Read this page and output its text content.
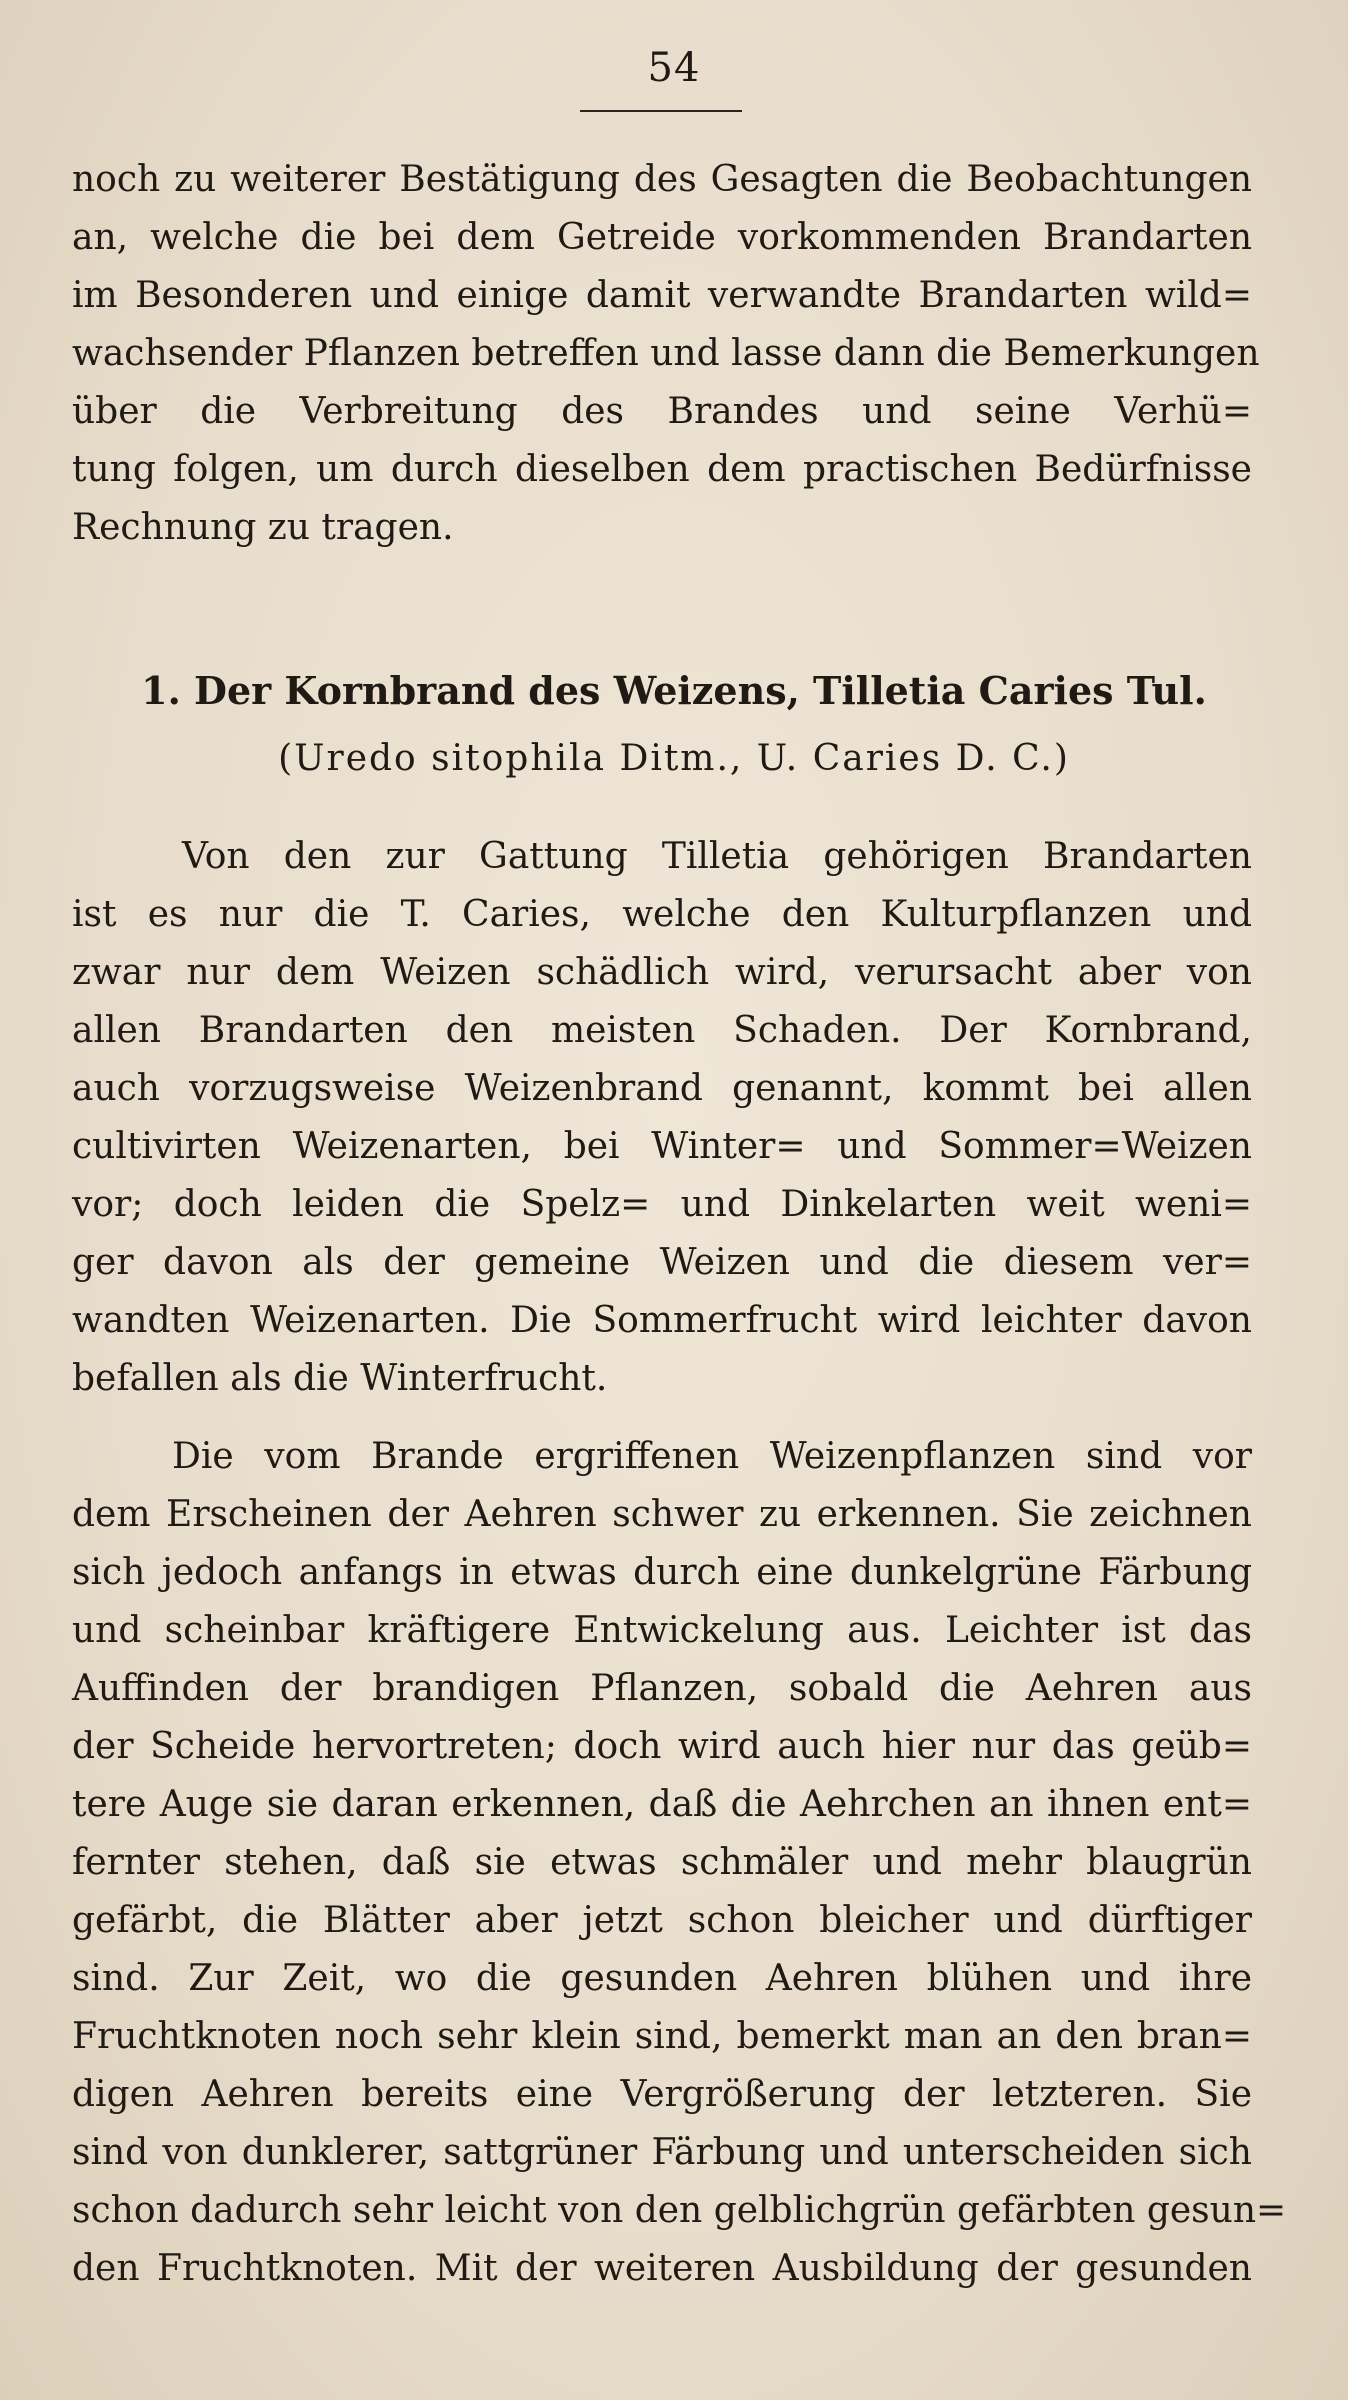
54
noch zu weiterer Bestätigung des Gesagten die Beobachtungen
an, welche die bei dem Getreide vorkommenden Brandarten
im Besonderen und einige damit verwandte Brandarten wild=
wachsender Pflanzen betreffen und lasse dann die Bemerkungen
über die Verbreitung des Brandes und seine Verhü=
tung folgen, um durch dieselben dem practischen Bedürfnisse
Rechnung zu tragen.
1. Der Kornbrand des Weizens, Tilletia Caries Tul.
(Uredo sitophila Ditm., U. Caries D. C.)
Von den zur Gattung Tilletia gehörigen Brandarten
ist es nur die T. Caries, welche den Kulturpflanzen und
zwar nur dem Weizen schädlich wird, verursacht aber von
allen Brandarten den meisten Schaden. Der Kornbrand,
auch vorzugsweise Weizenbrand genannt, kommt bei allen
cultivirten Weizenarten, bei Winter= und Sommer=Weizen
vor; doch leiden die Spelz= und Dinkelarten weit weni=
ger davon als der gemeine Weizen und die diesem ver=
wandten Weizenarten. Die Sommerfrucht wird leichter davon
befallen als die Winterfrucht.
Die vom Brande ergriffenen Weizenpflanzen sind vor
dem Erscheinen der Aehren schwer zu erkennen. Sie zeichnen
sich jedoch anfangs in etwas durch eine dunkelgrüne Färbung
und scheinbar kräftigere Entwickelung aus. Leichter ist das
Auffinden der brandigen Pflanzen, sobald die Aehren aus
der Scheide hervortreten; doch wird auch hier nur das geüb=
tere Auge sie daran erkennen, daß die Aehrchen an ihnen ent=
fernter stehen, daß sie etwas schmäler und mehr blaugrün
gefärbt, die Blätter aber jetzt schon bleicher und dürftiger
sind. Zur Zeit, wo die gesunden Aehren blühen und ihre
Fruchtknoten noch sehr klein sind, bemerkt man an den bran=
digen Aehren bereits eine Vergrößerung der letzteren. Sie
sind von dunklerer, sattgrüner Färbung und unterscheiden sich
schon dadurch sehr leicht von den gelblichgrün gefärbten gesun=
den Fruchtknoten. Mit der weiteren Ausbildung der gesunden
